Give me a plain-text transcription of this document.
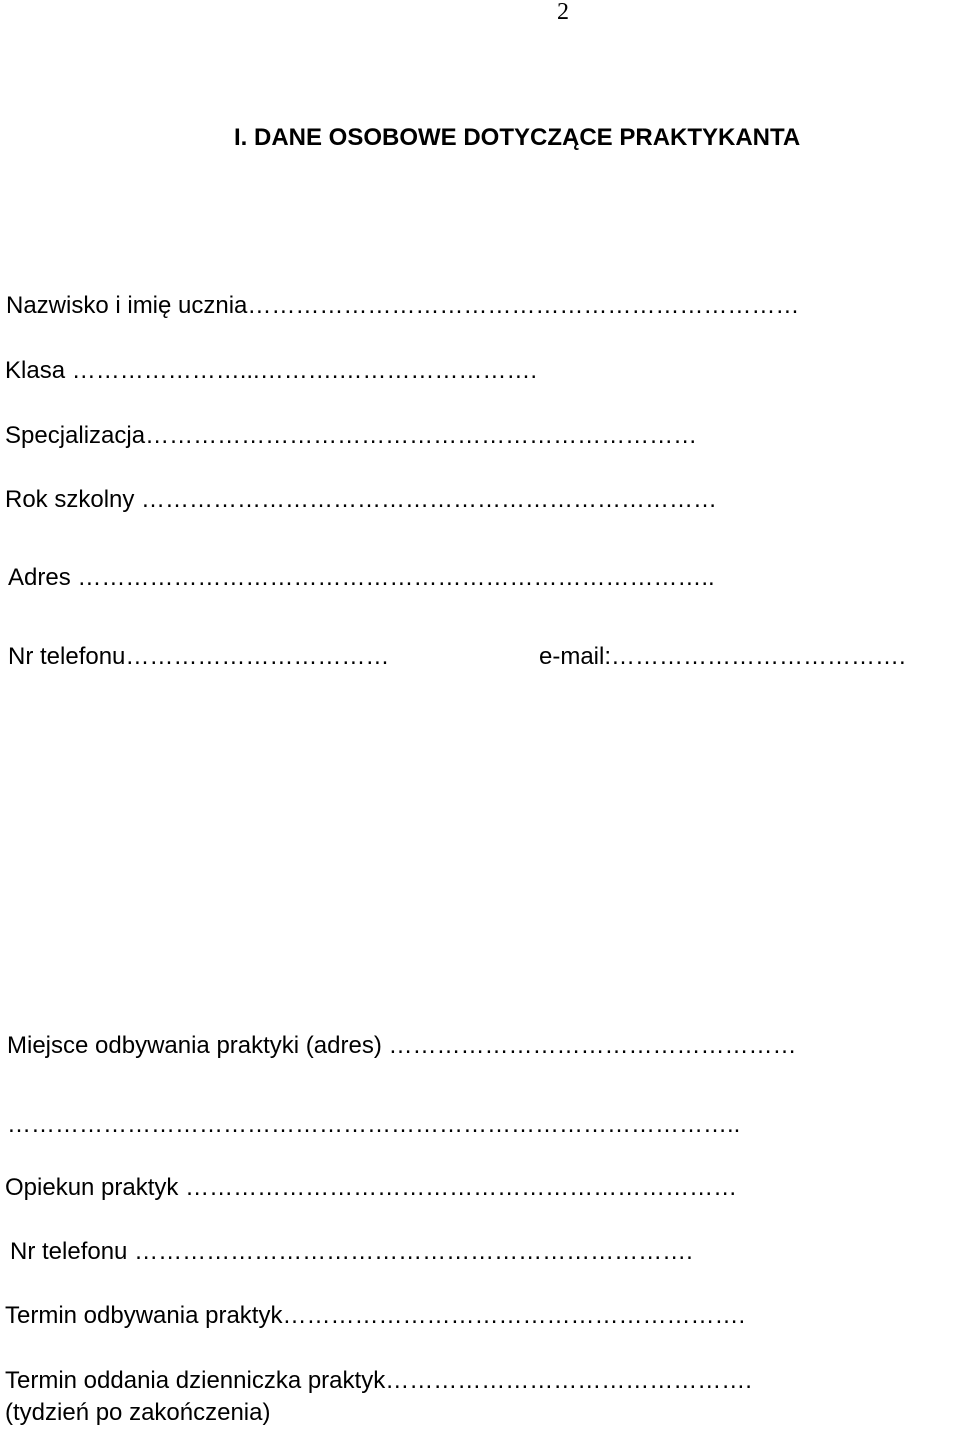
2
I. DANE OSOBOWE DOTYCZĄCE PRAKTYKANTA
Nazwisko i imię ucznia……………………………………………………………
Klasa …………………...……….…………………….
Specjalizacja……………………………………………………………
Rok szkolny ………………………………………………………………
Adres ……………………………………………………………………..
Nr telefonu……………………………	e-mail:……………………………….
Miejsce odbywania praktyki (adres) ……………………………………………
………………………………………………………………………………..
Opiekun praktyk ……………………………………………………………
Nr telefonu …………………………………………………………….
Termin odbywania praktyk………………………………………………….
Termin oddania dzienniczka praktyk……………………………………….
(tydzień po zakończenia)
